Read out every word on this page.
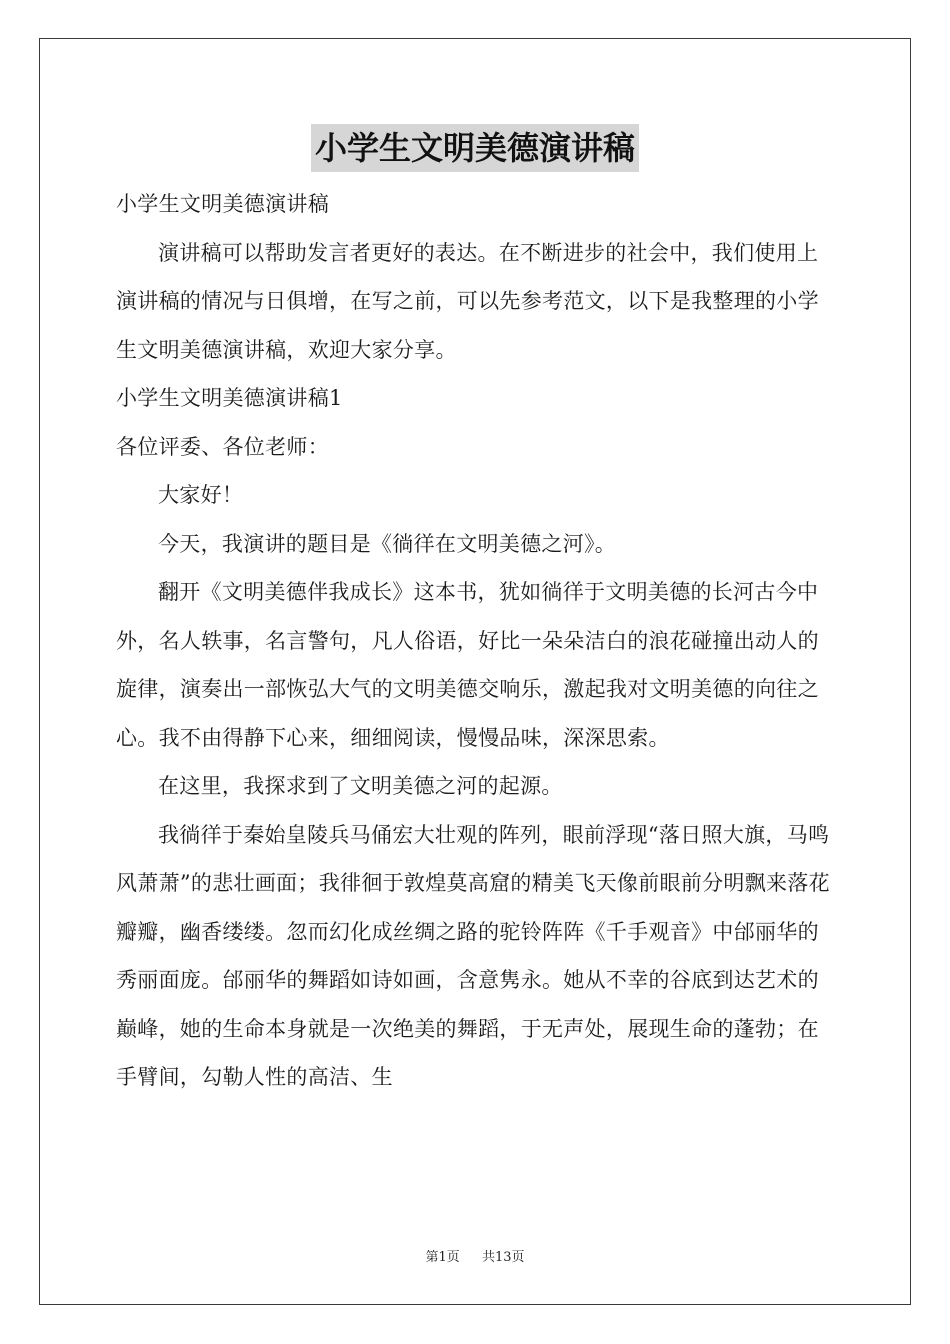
小学生文明美德演讲稿

小学生文明美德演讲稿

演讲稿可以帮助发言者更好的表达。在不断进步的社会中，我们使用上演讲稿的情况与日俱增，在写之前，可以先参考范文，以下是我整理的小学生文明美德演讲稿，欢迎大家分享。

小学生文明美德演讲稿1

各位评委、各位老师：

大家好！

今天，我演讲的题目是《徜徉在文明美德之河》。

翻开《文明美德伴我成长》这本书，犹如徜徉于文明美德的长河古今中外，名人轶事，名言警句，凡人俗语，好比一朵朵洁白的浪花碰撞出动人的旋律，演奏出一部恢弘大气的文明美德交响乐，激起我对文明美德的向往之心。我不由得静下心来，细细阅读，慢慢品味，深深思索。

在这里，我探求到了文明美德之河的起源。

我徜徉于秦始皇陵兵马俑宏大壮观的阵列，眼前浮现“落日照大旗，马鸣风萧萧”的悲壮画面；我徘徊于敦煌莫高窟的精美飞天像前眼前分明飘来落花瓣瓣，幽香缕缕。忽而幻化成丝绸之路的驼铃阵阵《千手观音》中邰丽华的秀丽面庞。邰丽华的舞蹈如诗如画，含意隽永。她从不幸的谷底到达艺术的巅峰，她的生命本身就是一次绝美的舞蹈，于无声处，展现生命的蓬勃；在手臂间，勾勒人性的高洁、生

第1页 共13页
